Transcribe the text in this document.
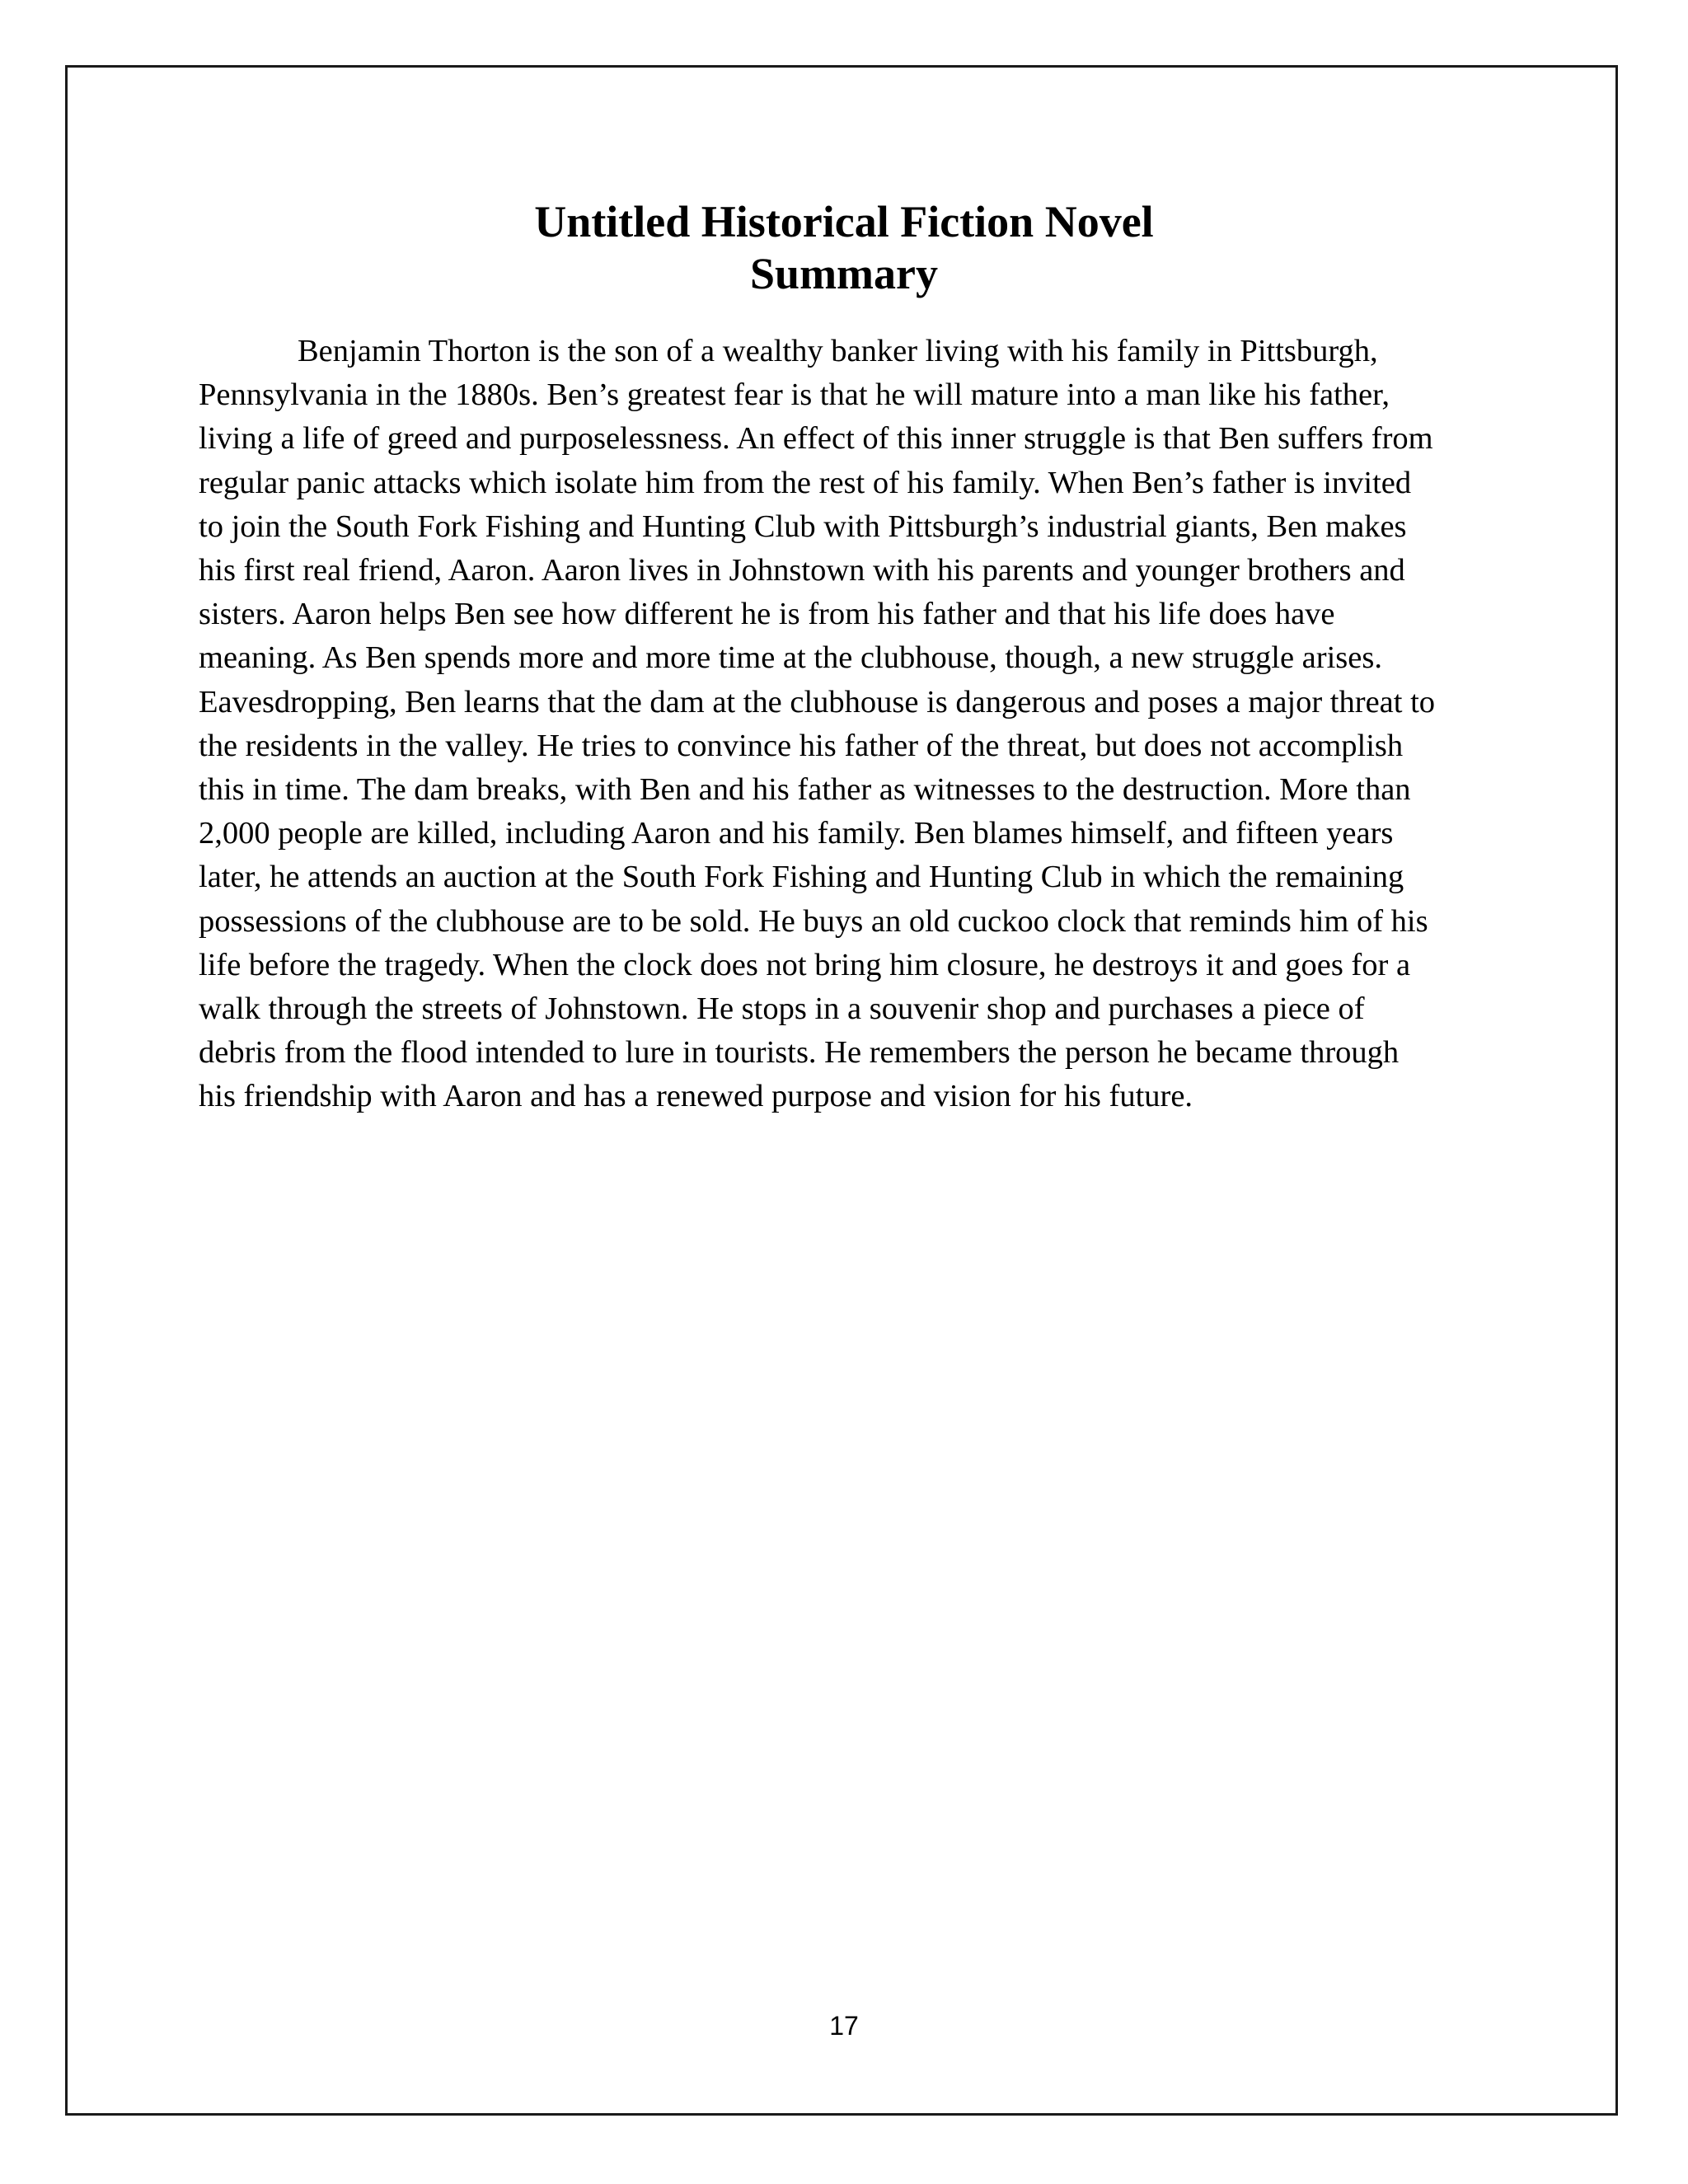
Untitled Historical Fiction Novel
Summary
Benjamin Thorton is the son of a wealthy banker living with his family in Pittsburgh,
Pennsylvania in the 1880s. Ben’s greatest fear is that he will mature into a man like his father,
living a life of greed and purposelessness. An effect of this inner struggle is that Ben suffers from
regular panic attacks which isolate him from the rest of his family. When Ben’s father is invited
to join the South Fork Fishing and Hunting Club with Pittsburgh’s industrial giants, Ben makes
his first real friend, Aaron. Aaron lives in Johnstown with his parents and younger brothers and
sisters. Aaron helps Ben see how different he is from his father and that his life does have
meaning. As Ben spends more and more time at the clubhouse, though, a new struggle arises.
Eavesdropping, Ben learns that the dam at the clubhouse is dangerous and poses a major threat to
the residents in the valley. He tries to convince his father of the threat, but does not accomplish
this in time. The dam breaks, with Ben and his father as witnesses to the destruction. More than
2,000 people are killed, including Aaron and his family. Ben blames himself, and fifteen years
later, he attends an auction at the South Fork Fishing and Hunting Club in which the remaining
possessions of the clubhouse are to be sold. He buys an old cuckoo clock that reminds him of his
life before the tragedy. When the clock does not bring him closure, he destroys it and goes for a
walk through the streets of Johnstown. He stops in a souvenir shop and purchases a piece of
debris from the flood intended to lure in tourists. He remembers the person he became through
his friendship with Aaron and has a renewed purpose and vision for his future.
17
